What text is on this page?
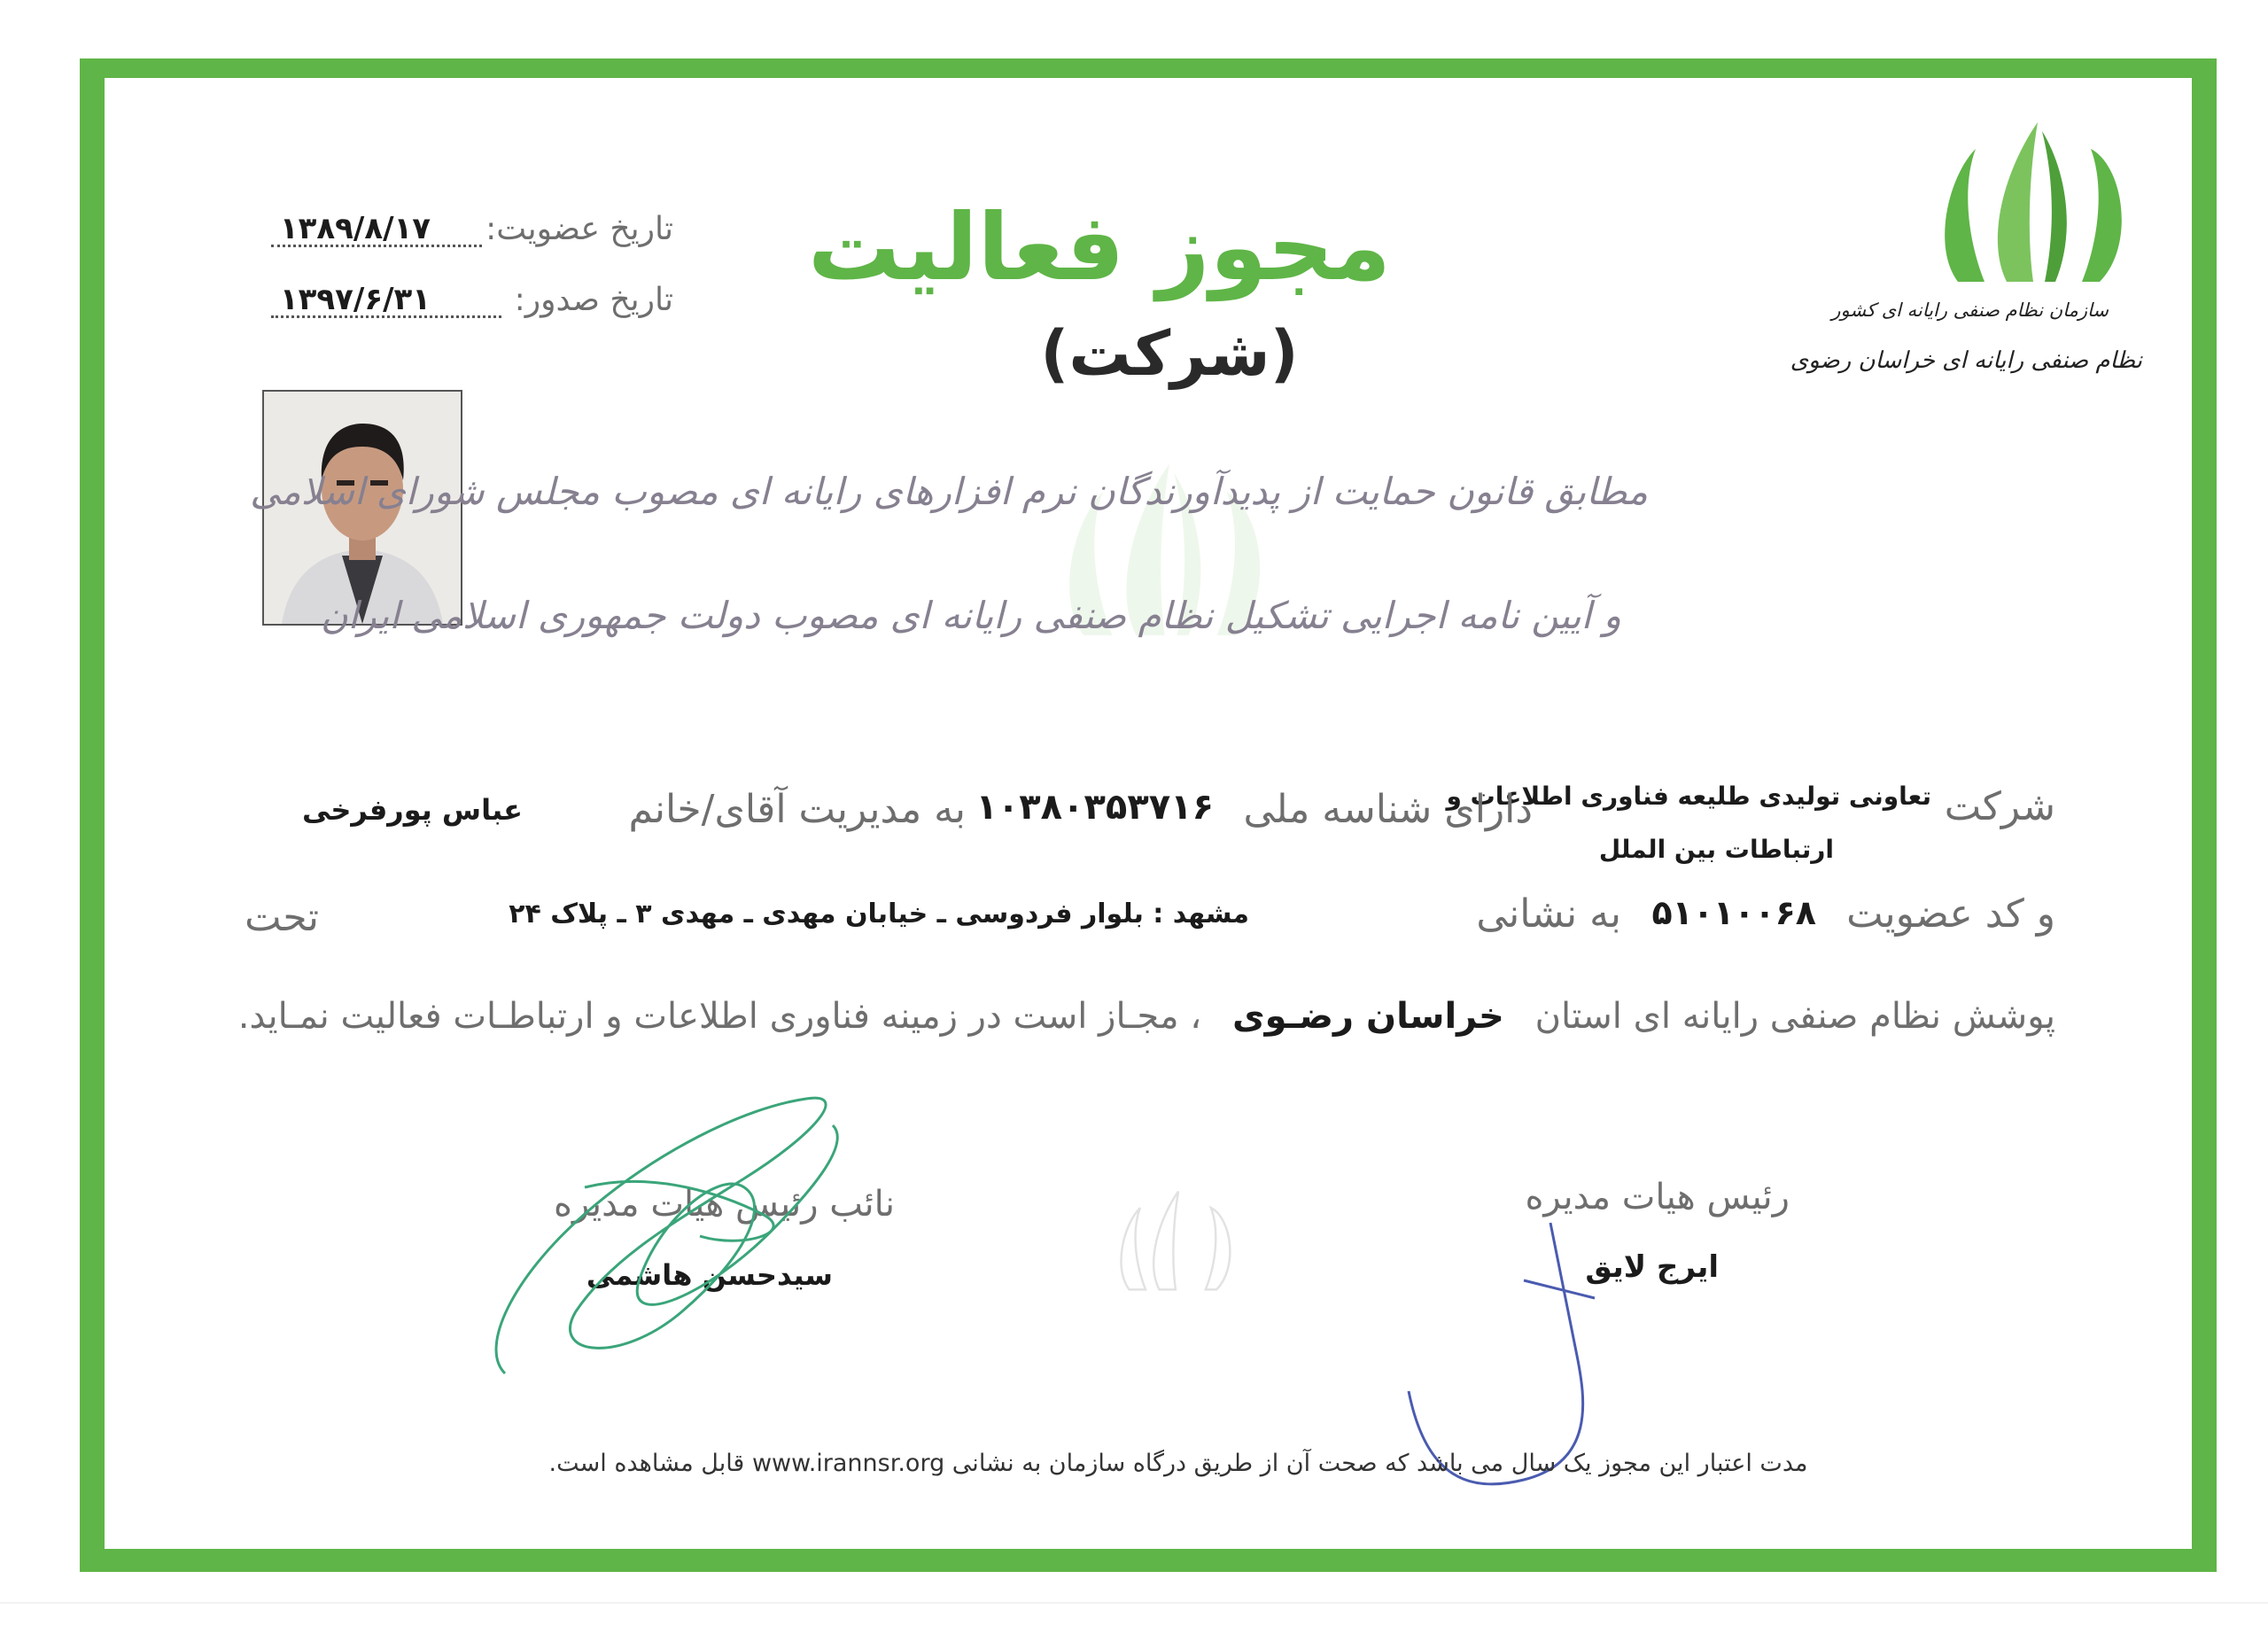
سازمان نظام صنفی رایانه ای کشور
نظام صنفی رایانه ای خراسان رضوی
تاریخ عضویت:
۱۳۸۹/۸/۱۷
تاریخ صدور:
۱۳۹۷/۶/۳۱	مجوز فعالیت
(شرکت)
مطابق قانون حمایت از پدیدآورندگان نرم افزارهای رایانه ای مصوب مجلس شورای اسلامی
و آیین نامه اجرایی تشکیل نظام صنفی رایانه ای مصوب دولت جمهوری اسلامی ایران
شرکت
تعاونی تولیدی طلیعه فناوری اطلاعات و
ارتباطات بین الملل
دارای شناسه ملی
۱۰۳۸۰۳۵۳۷۱۶
به مدیریت آقای/خانم
عباس پورفرخی
و کد عضویت
۵۱۰۱۰۰۶۸
به نشانی
مشهد : بلوار فردوسی ـ خیابان مهدی ـ مهدی ۳ ـ پلاک ۲۴
تحت
پوشش نظام صنفی رایانه ای استان خراسان رضـوی ، مجـاز است در زمینه فناوری اطلاعات و ارتباطـات فعالیت نمـاید.
رئیس هیات مدیره
ایرج لایق
نائب رئیس هیات مدیره
سیدحسن هاشمی
مدت اعتبار این مجوز یک سال می باشد که صحت آن از طریق درگاه سازمان به نشانی www.irannsr.org قابل مشاهده است.
